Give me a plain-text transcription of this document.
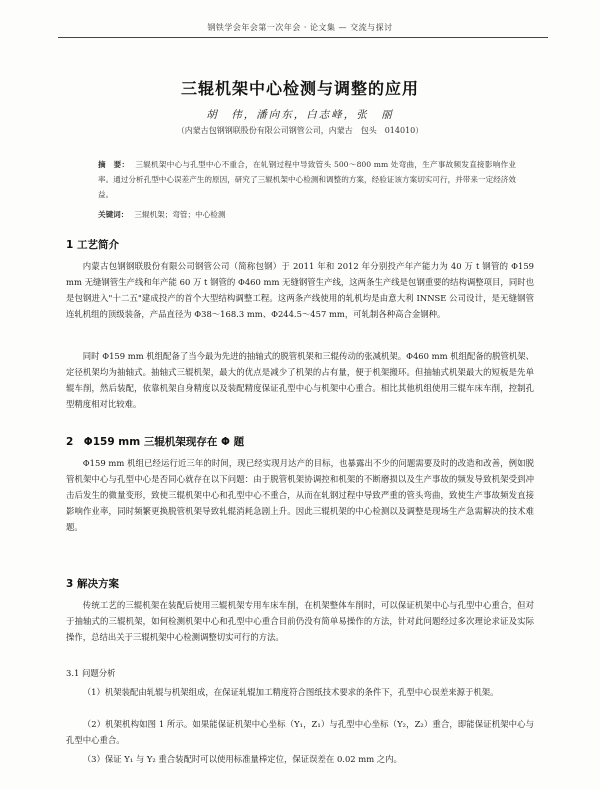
钢铁学会年会第一次年会 · 论文集 — 交流与探讨
三辊机架中心检测与调整的应用
胡　伟，潘向东，白志峰，张　丽
（内蒙古包钢钢联股份有限公司钢管公司，内蒙古　包头　014010）
摘　要： 三辊机架中心与孔型中心不重合，在轧钢过程中导致管头 500～800 mm 处弯曲，生产事故频发直接影响作业率。通过分析孔型中心误差产生的原因，研究了三辊机架中心检测和调整的方案，经验证该方案切实可行，并带来一定经济效益。
关键词： 三辊机架；弯管；中心检测
1 工艺简介

内蒙古包钢钢联股份有限公司钢管公司（简称包钢）于 2011 年和 2012 年分别投产年产能力为 40 万 t 钢管的 Φ159 mm 无缝钢管生产线和年产能 60 万 t 钢管的 Φ460 mm 无缝钢管生产线，这两条生产线是包钢重要的结构调整项目，同时也是包钢进入"十二五"建成投产的首个大型结构调整工程。这两条产线使用的轧机均是由意大利 INNSE 公司设计，是无缝钢管连轧机组的顶级装备，产品直径为 Φ38～168.3 mm、Φ244.5～457 mm，可轧制各种高合金钢种。

同时 Φ159 mm 机组配备了当今最为先进的抽轴式的脱管机架和三辊传动的张减机架。Φ460 mm 机组配备的脱管机架、定径机架均为抽轴式。抽轴式三辊机架，最大的优点是减少了机架的占有量，便于机架搬环。但抽轴式机架最大的短板是先单辊车削，然后装配，依靠机架自身精度以及装配精度保证孔型中心与机架中心重合。相比其他机组使用三辊车床车削，控制孔型精度相对比较难。

2　Φ159 mm 三辊机架现存在 Φ 题

Φ159 mm 机组已经运行近三年的时间，现已经实现月达产的目标，也暴露出不少的问题需要及时的改造和改善，例如脱管机架中心与孔型中心是否同心就存在以下问题：由于脱管机架协调控和机架的不断磨损以及生产事故的频发导致机架受到冲击后发生的微量变形，致使三辊机架中心和孔型中心不重合，从而在轧钢过程中导致严重的管头弯曲，致使生产事故频发直接影响作业率，同时频繁更换脱管机架导致轧辊消耗急剧上升。因此三辊机架的中心检测以及调整是现场生产急需解决的技术难题。

3 解决方案

传统工艺的三辊机架在装配后使用三辊机架专用车床车削，在机架整体车削时，可以保证机架中心与孔型中心重合，但对于抽轴式的三辊机架，如何检测机架中心和孔型中心重合目前仍没有简单易操作的方法，针对此问题经过多次理论求证及实际操作，总结出关于三辊机架中心检测调整切实可行的方法。

3.1 问题分析

（1）机架装配由轧辊与机架组成，在保证轧辊加工精度符合图纸技术要求的条件下，孔型中心误差来源于机架。

（2）机架机构如图 1 所示。如果能保证机架中心坐标（Y₁，Z₁）与孔型中心坐标（Y₂，Z₂）重合，即能保证机架中心与孔型中心重合。

（3）保证 Y₁ 与 Y₂ 重合装配时可以使用标准量棒定位，保证误差在 0.02 mm 之内。
